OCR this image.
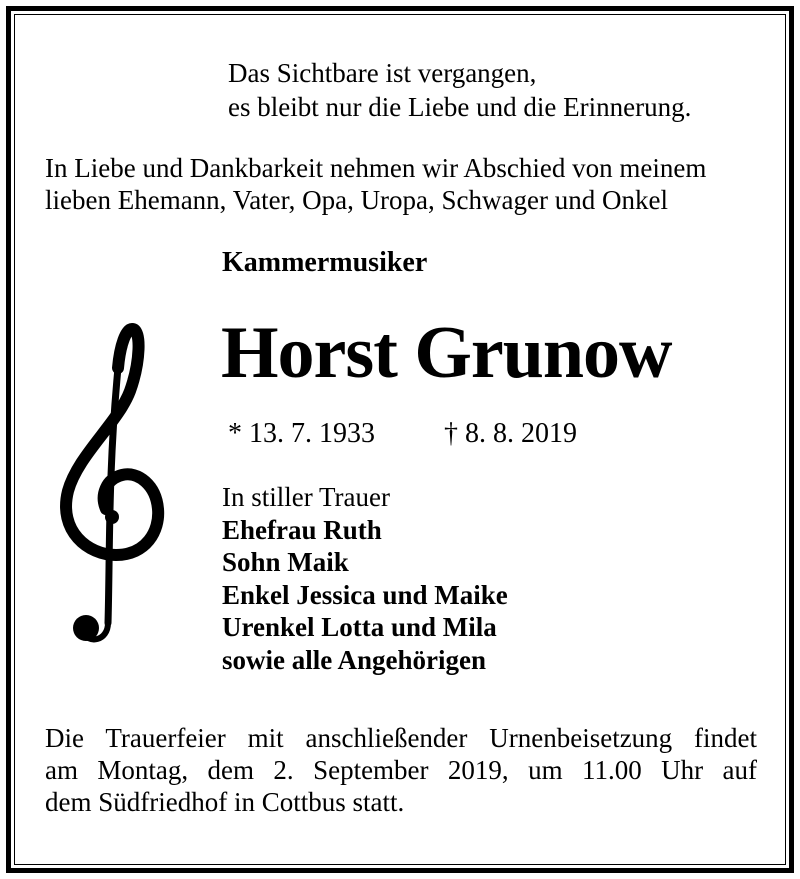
Das Sichtbare ist vergangen,
es bleibt nur die Liebe und die Erinnerung.
In Liebe und Dankbarkeit nehmen wir Abschied von meinem
lieben Ehemann, Vater, Opa, Uropa, Schwager und Onkel
Kammermusiker
Horst Grunow
* 13. 7. 1933 † 8. 8. 2019
In stiller Trauer
Ehefrau Ruth
Sohn Maik
Enkel Jessica und Maike
Urenkel Lotta und Mila
sowie alle Angehörigen
Die Trauerfeier mit anschließender Urnenbeisetzung findet
am Montag, dem 2. September 2019, um 11.00 Uhr auf
dem Südfriedhof in Cottbus statt.
